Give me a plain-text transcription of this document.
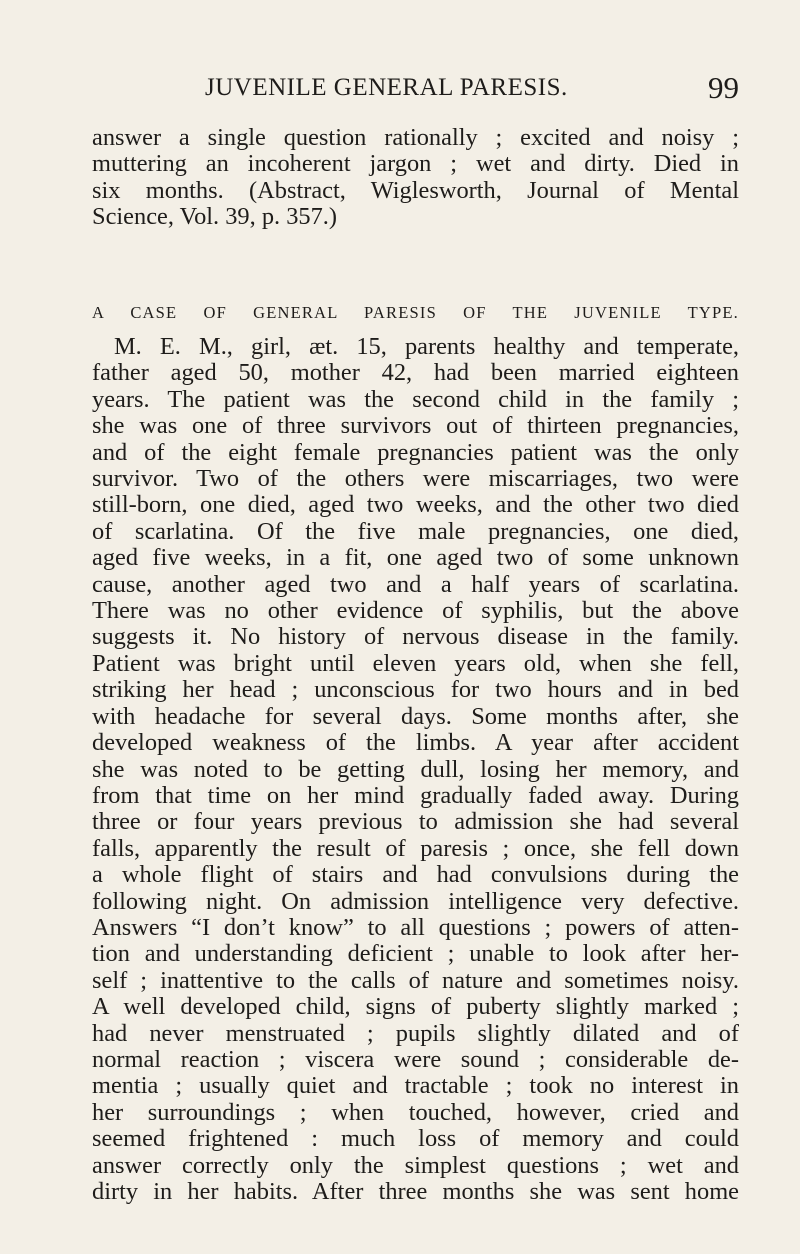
JUVENILE GENERAL PARESIS.	99
answer a single question rationally ; excited and noisy ;
muttering an incoherent jargon ; wet and dirty. Died in
six months. (Abstract, Wiglesworth, Journal of Mental
Science, Vol. 39, p. 357.)
A CASE OF GENERAL PARESIS OF THE JUVENILE TYPE.
M. E. M., girl, æt. 15, parents healthy and temperate,
father aged 50, mother 42, had been married eighteen
years. The patient was the second child in the family ;
she was one of three survivors out of thirteen pregnancies,
and of the eight female pregnancies patient was the only
survivor. Two of the others were miscarriages, two were
still-born, one died, aged two weeks, and the other two died
of scarlatina. Of the five male pregnancies, one died,
aged five weeks, in a fit, one aged two of some unknown
cause, another aged two and a half years of scarlatina.
There was no other evidence of syphilis, but the above
suggests it. No history of nervous disease in the family.
Patient was bright until eleven years old, when she fell,
striking her head ; unconscious for two hours and in bed
with headache for several days. Some months after, she
developed weakness of the limbs. A year after accident
she was noted to be getting dull, losing her memory, and
from that time on her mind gradually faded away. During
three or four years previous to admission she had several
falls, apparently the result of paresis ; once, she fell down
a whole flight of stairs and had convulsions during the
following night. On admission intelligence very defective.
Answers “I don’t know” to all questions ; powers of atten-
tion and understanding deficient ; unable to look after her-
self ; inattentive to the calls of nature and sometimes noisy.
A well developed child, signs of puberty slightly marked ;
had never menstruated ; pupils slightly dilated and of
normal reaction ; viscera were sound ; considerable de-
mentia ; usually quiet and tractable ; took no interest in
her surroundings ; when touched, however, cried and
seemed frightened : much loss of memory and could
answer correctly only the simplest questions ; wet and
dirty in her habits. After three months she was sent home
